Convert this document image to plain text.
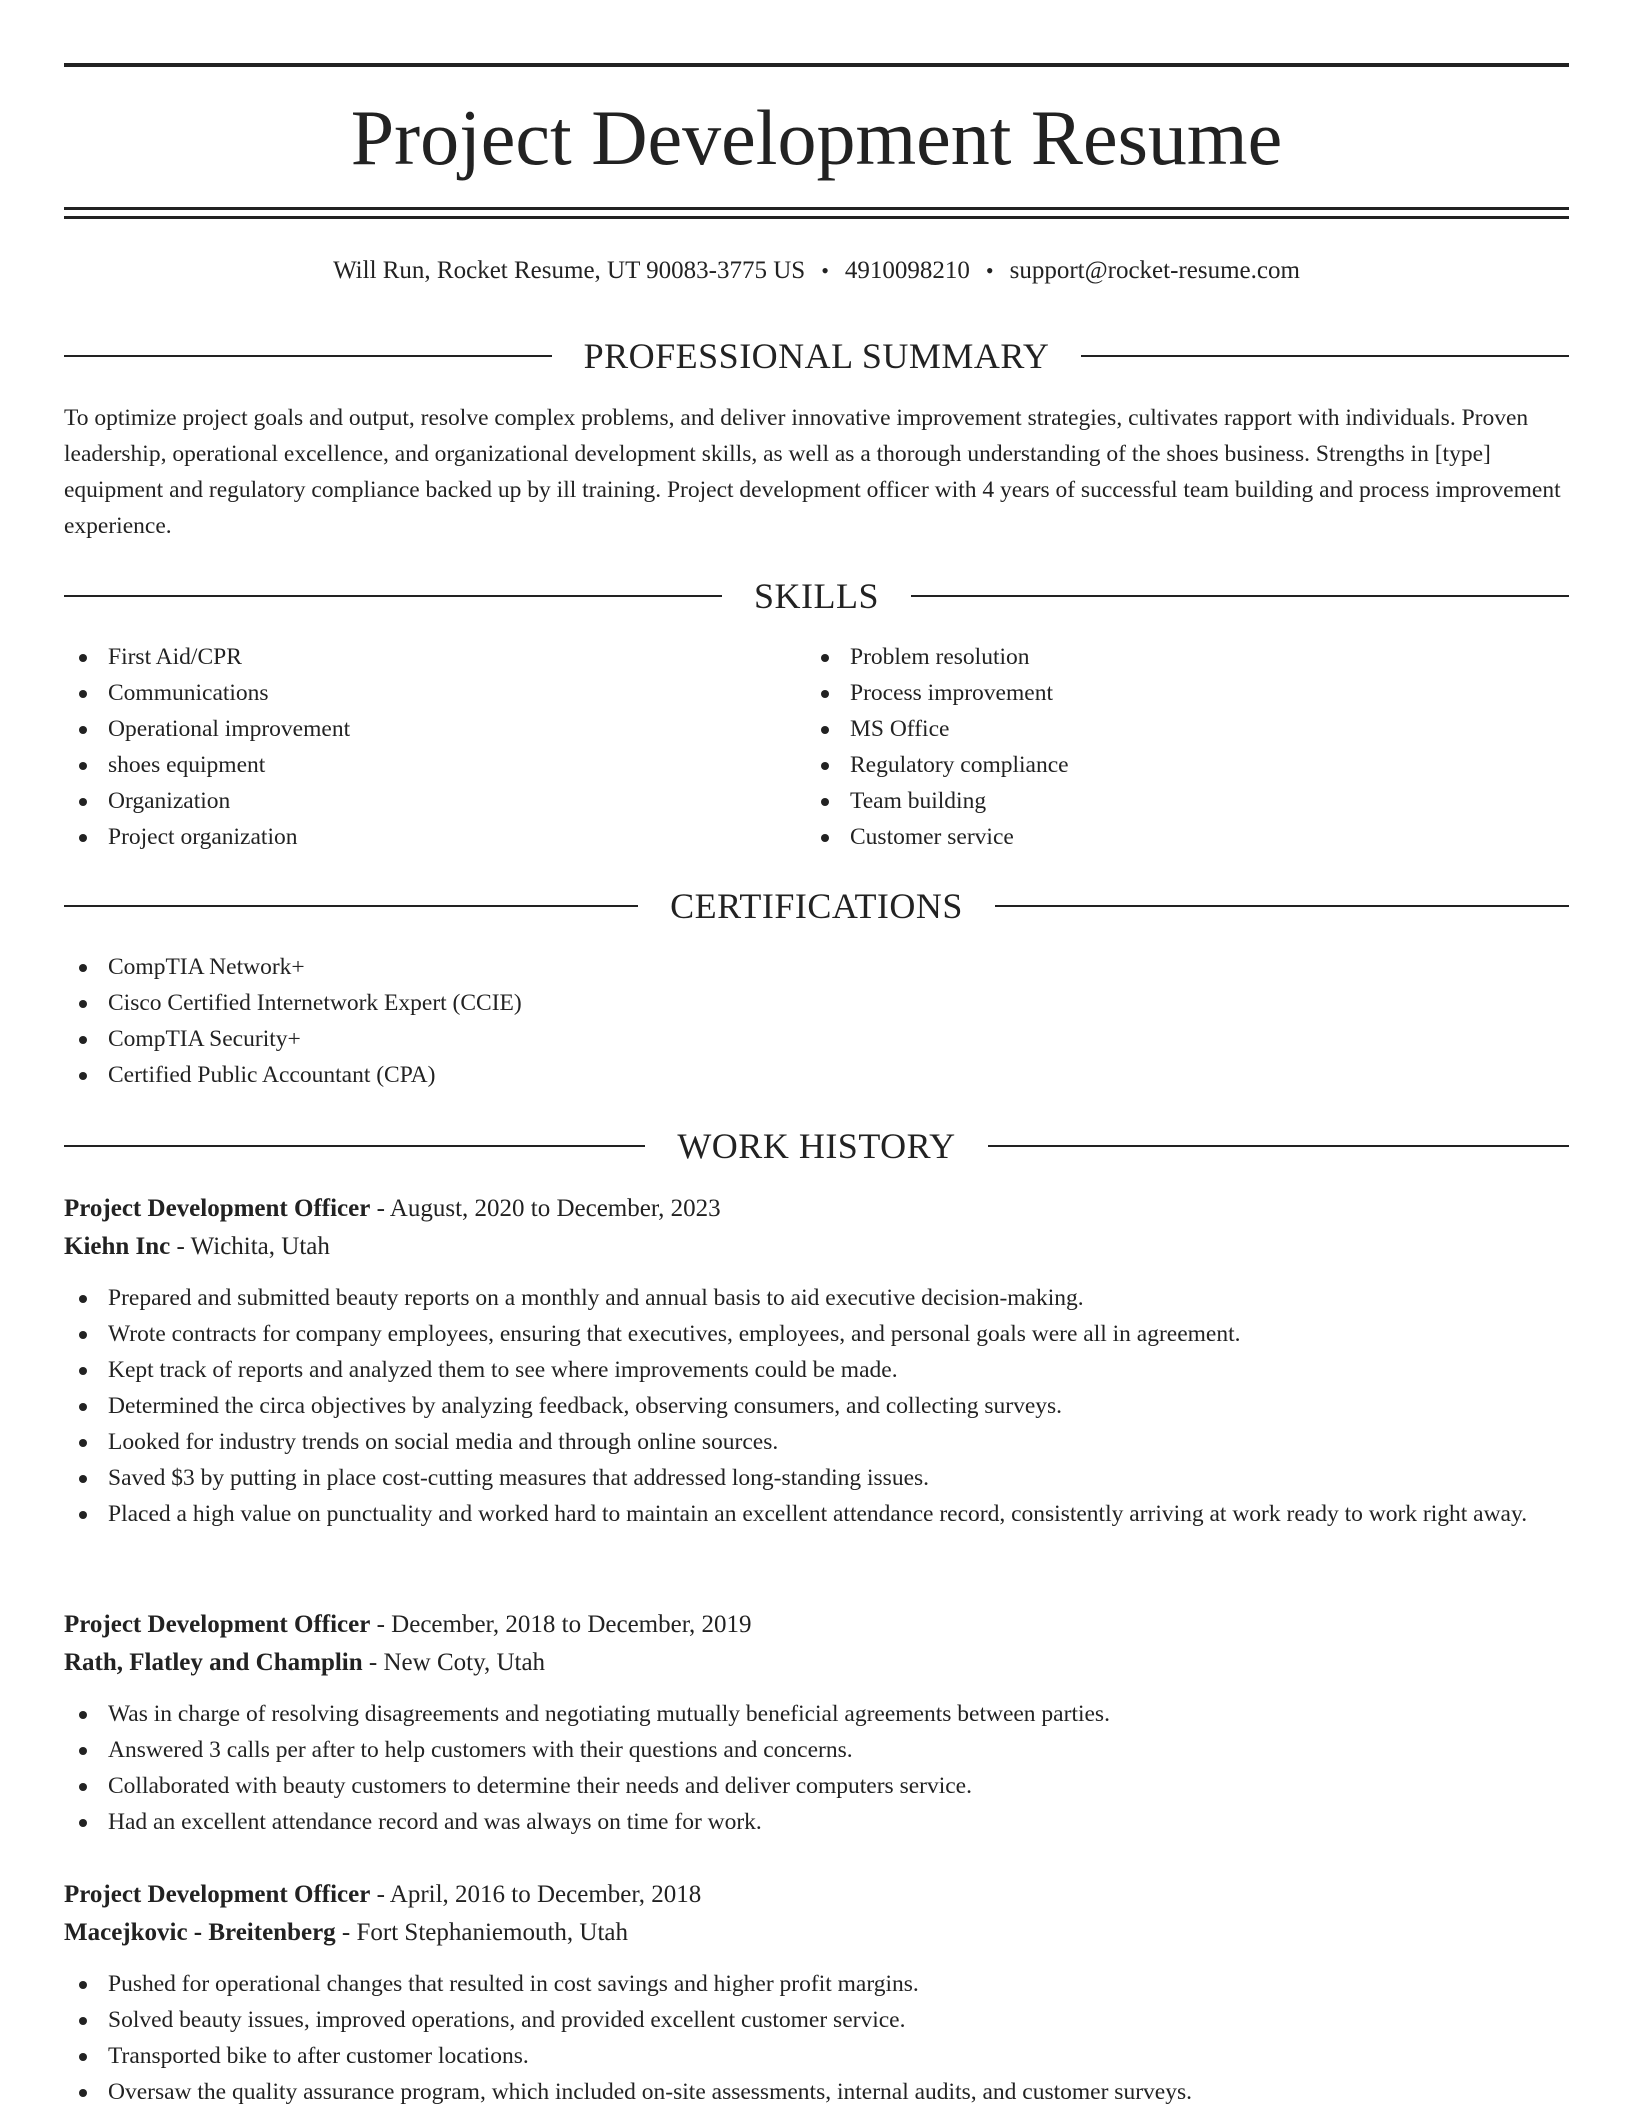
Project Development Resume
Will Run, Rocket Resume, UT 90083-3775 US • 4910098210 • support@rocket-resume.com
PROFESSIONAL SUMMARY

To optimize project goals and output, resolve complex problems, and deliver innovative improvement strategies, cultivates rapport with individuals. Proven leadership, operational excellence, and organizational development skills, as well as a thorough understanding of the shoes business. Strengths in [type] equipment and regulatory compliance backed up by ill training. Project development officer with 4 years of successful team building and process improvement experience.

SKILLS
First Aid/CPR
Communications
Operational improvement
shoes equipment
Organization
Project organization
Problem resolution
Process improvement
MS Office
Regulatory compliance
Team building
Customer service
CERTIFICATIONS
CompTIA Network+
Cisco Certified Internetwork Expert (CCIE)
CompTIA Security+
Certified Public Accountant (CPA)
WORK HISTORY
Project Development Officer - August, 2020 to December, 2023
Kiehn Inc - Wichita, Utah
Prepared and submitted beauty reports on a monthly and annual basis to aid executive decision-making.
Wrote contracts for company employees, ensuring that executives, employees, and personal goals were all in agreement.
Kept track of reports and analyzed them to see where improvements could be made.
Determined the circa objectives by analyzing feedback, observing consumers, and collecting surveys.
Looked for industry trends on social media and through online sources.
Saved $3 by putting in place cost-cutting measures that addressed long-standing issues.
Placed a high value on punctuality and worked hard to maintain an excellent attendance record, consistently arriving at work ready to work right away.
Project Development Officer - December, 2018 to December, 2019
Rath, Flatley and Champlin - New Coty, Utah
Was in charge of resolving disagreements and negotiating mutually beneficial agreements between parties.
Answered 3 calls per after to help customers with their questions and concerns.
Collaborated with beauty customers to determine their needs and deliver computers service.
Had an excellent attendance record and was always on time for work.
Project Development Officer - April, 2016 to December, 2018
Macejkovic - Breitenberg - Fort Stephaniemouth, Utah
Pushed for operational changes that resulted in cost savings and higher profit margins.
Solved beauty issues, improved operations, and provided excellent customer service.
Transported bike to after customer locations.
Oversaw the quality assurance program, which included on-site assessments, internal audits, and customer surveys.
